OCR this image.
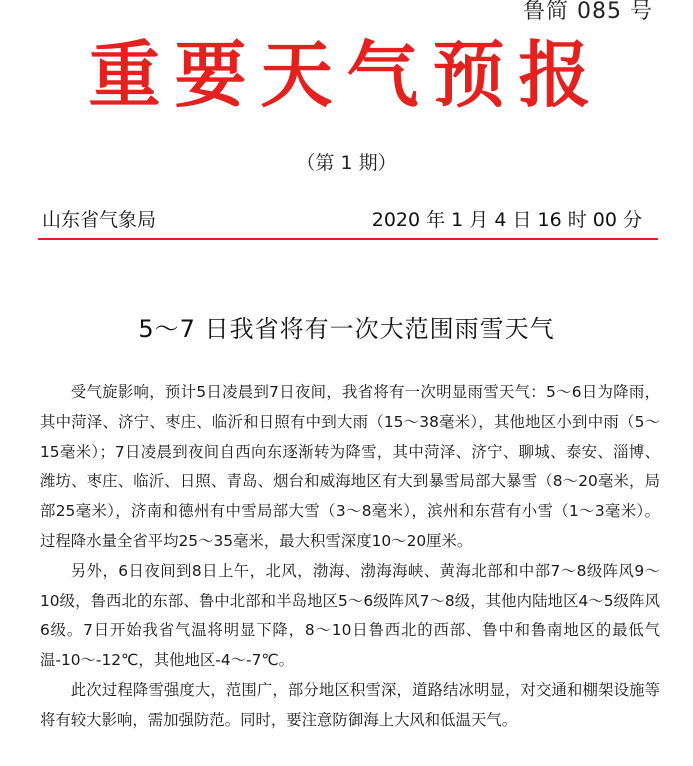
鲁简 085 号
重要天气预报
（第 1 期）
山东省气象局	2020 年 1 月 4 日 16 时 00 分
5～7 日我省将有一次大范围雨雪天气

受气旋影响，预计5日凌晨到7日夜间，我省将有一次明显雨雪天气：5～6日为降雨，其中菏泽、济宁、枣庄、临沂和日照有中到大雨（15～38毫米），其他地区小到中雨（5～15毫米）；7日凌晨到夜间自西向东逐渐转为降雪，其中菏泽、济宁、聊城、泰安、淄博、潍坊、枣庄、临沂、日照、青岛、烟台和威海地区有大到暴雪局部大暴雪（8～20毫米，局部25毫米），济南和德州有中雪局部大雪（3～8毫米），滨州和东营有小雪（1～3毫米）。过程降水量全省平均25～35毫米，最大积雪深度10～20厘米。

另外，6日夜间到8日上午，北风，渤海、渤海海峡、黄海北部和中部7～8级阵风9～10级，鲁西北的东部、鲁中北部和半岛地区5～6级阵风7～8级，其他内陆地区4～5级阵风6级。7日开始我省气温将明显下降，8～10日鲁西北的西部、鲁中和鲁南地区的最低气温-10～-12℃，其他地区-4～-7℃。

此次过程降雪强度大，范围广，部分地区积雪深，道路结冰明显，对交通和棚架设施等将有较大影响，需加强防范。同时，要注意防御海上大风和低温天气。
